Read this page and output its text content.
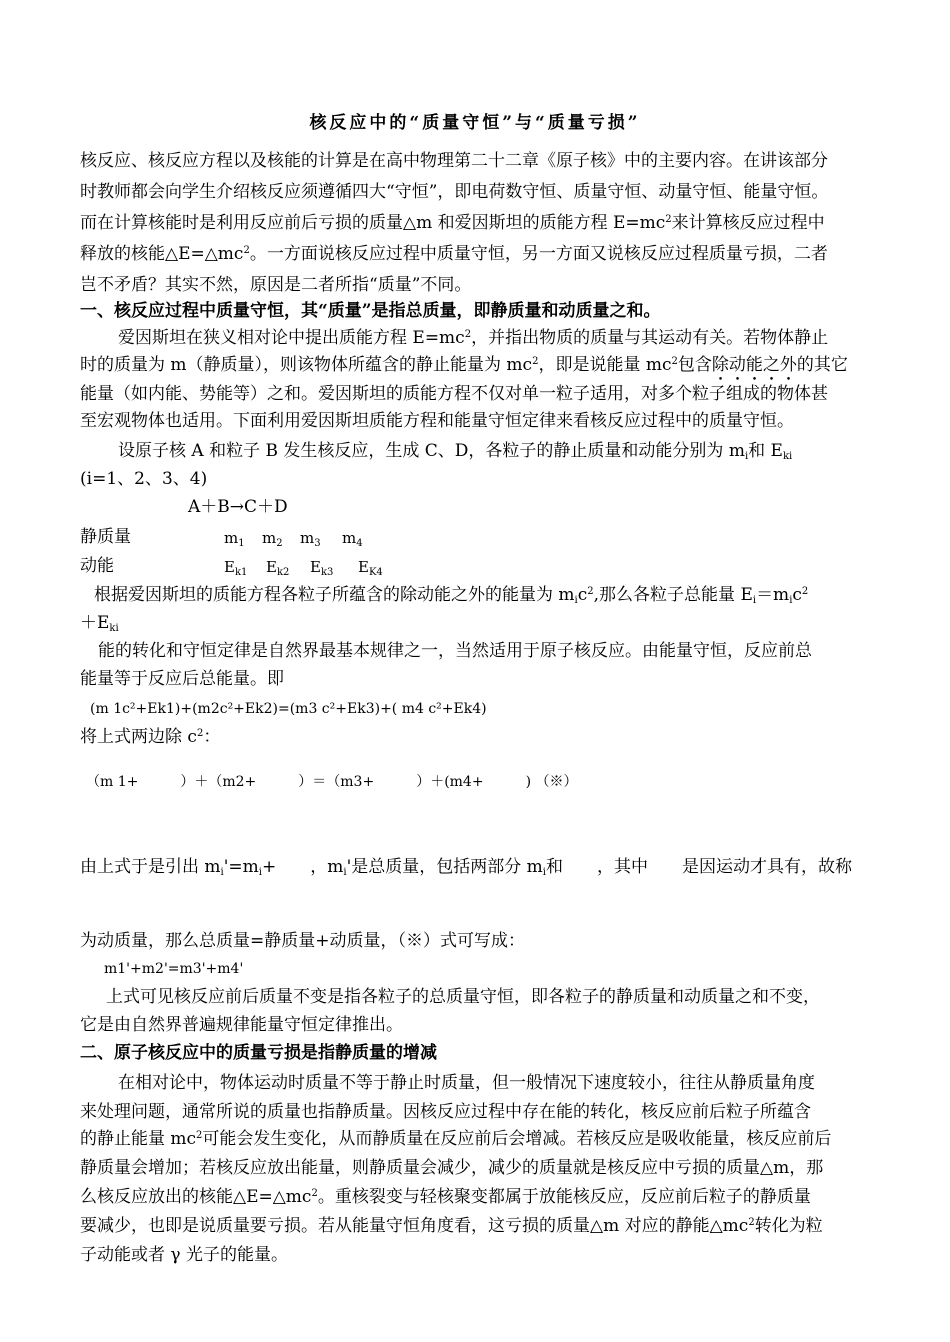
核反应中的“质量守恒”与“质量亏损”
核反应、核反应方程以及核能的计算是在高中物理第二十二章《原子核》中的主要内容。在讲该部分
时教师都会向学生介绍核反应须遵循四大“守恒”，即电荷数守恒、质量守恒、动量守恒、能量守恒。
而在计算核能时是利用反应前后亏损的质量△m 和爱因斯坦的质能方程 $E=mc^2$来计算核反应过程中
释放的核能$\triangle E=\triangle mc^2$。一方面说核反应过程中质量守恒，另一方面又说核反应过程质量亏损，二者
岂不矛盾？其实不然，原因是二者所指“质量”不同。
一、核反应过程中质量守恒，其“质量”是指总质量，即静质量和动质量之和。
爱因斯坦在狭义相对论中提出质能方程 $E=mc^2$，并指出物质的质量与其运动有关。若物体静止
时的质量为 m（静质量），则该物体所蕴含的静止能量为 $mc^2$，即是说能量 $mc^2$包含除动能之外的其它
能量（如内能、势能等）之和。爱因斯坦的质能方程不仅对单一粒子适用，对多个粒子组成的物体甚
至宏观物体也适用。下面利用爱因斯坦质能方程和能量守恒定律来看核反应过程中的质量守恒。
设原子核 A 和粒子 B 发生核反应，生成 C、D，各粒子的静止质量和动能分别为 $m_i$和 $E_{ki}$
(i=1、2、3、4)
A＋B→C＋D
静质量	$m_1$ $m_2$ $m_3$ $m_4$
动能	$E_{k1}$ $E_{k2}$ $E_{k3}$ $E_{K4}$
根据爱因斯坦的质能方程各粒子所蕴含的除动能之外的能量为 $m_ic^2$,那么各粒子总能量 $E_i=m_ic^2$
$+E_{ki}$
能的转化和守恒定律是自然界最基本规律之一，当然适用于原子核反应。由能量守恒，反应前总
能量等于反应后总能量。即
(m 1c²+Ek1)+(m2c²+Ek2)=(m3 c²+Ek3)+( m4 c²+Ek4)
将上式两边除 $c^2$：
（m 1+　　　）＋（m2+　　　）＝（m3+　　　）＋(m4+　　　) （※）
由上式于是引出 $m_i'=m_i+$　　，$m_i'$是总质量，包括两部分 $m_i$和　　，其中　　是因运动才具有，故称
为动质量，那么总质量=静质量+动质量，（※）式可写成：
m1'+m2'=m3'+m4'
上式可见核反应前后质量不变是指各粒子的总质量守恒，即各粒子的静质量和动质量之和不变，
它是由自然界普遍规律能量守恒定律推出。
二、原子核反应中的质量亏损是指静质量的增减
在相对论中，物体运动时质量不等于静止时质量，但一般情况下速度较小，往往从静质量角度
来处理问题，通常所说的质量也指静质量。因核反应过程中存在能的转化，核反应前后粒子所蕴含
的静止能量 $mc^2$可能会发生变化，从而静质量在反应前后会增减。若核反应是吸收能量，核反应前后
静质量会增加；若核反应放出能量，则静质量会减少，减少的质量就是核反应中亏损的质量△m，那
么核反应放出的核能$\triangle E=\triangle mc^2$。重核裂变与轻核聚变都属于放能核反应，反应前后粒子的静质量
要减少，也即是说质量要亏损。若从能量守恒角度看，这亏损的质量△m 对应的静能$\triangle mc^2$转化为粒
子动能或者 γ 光子的能量。
